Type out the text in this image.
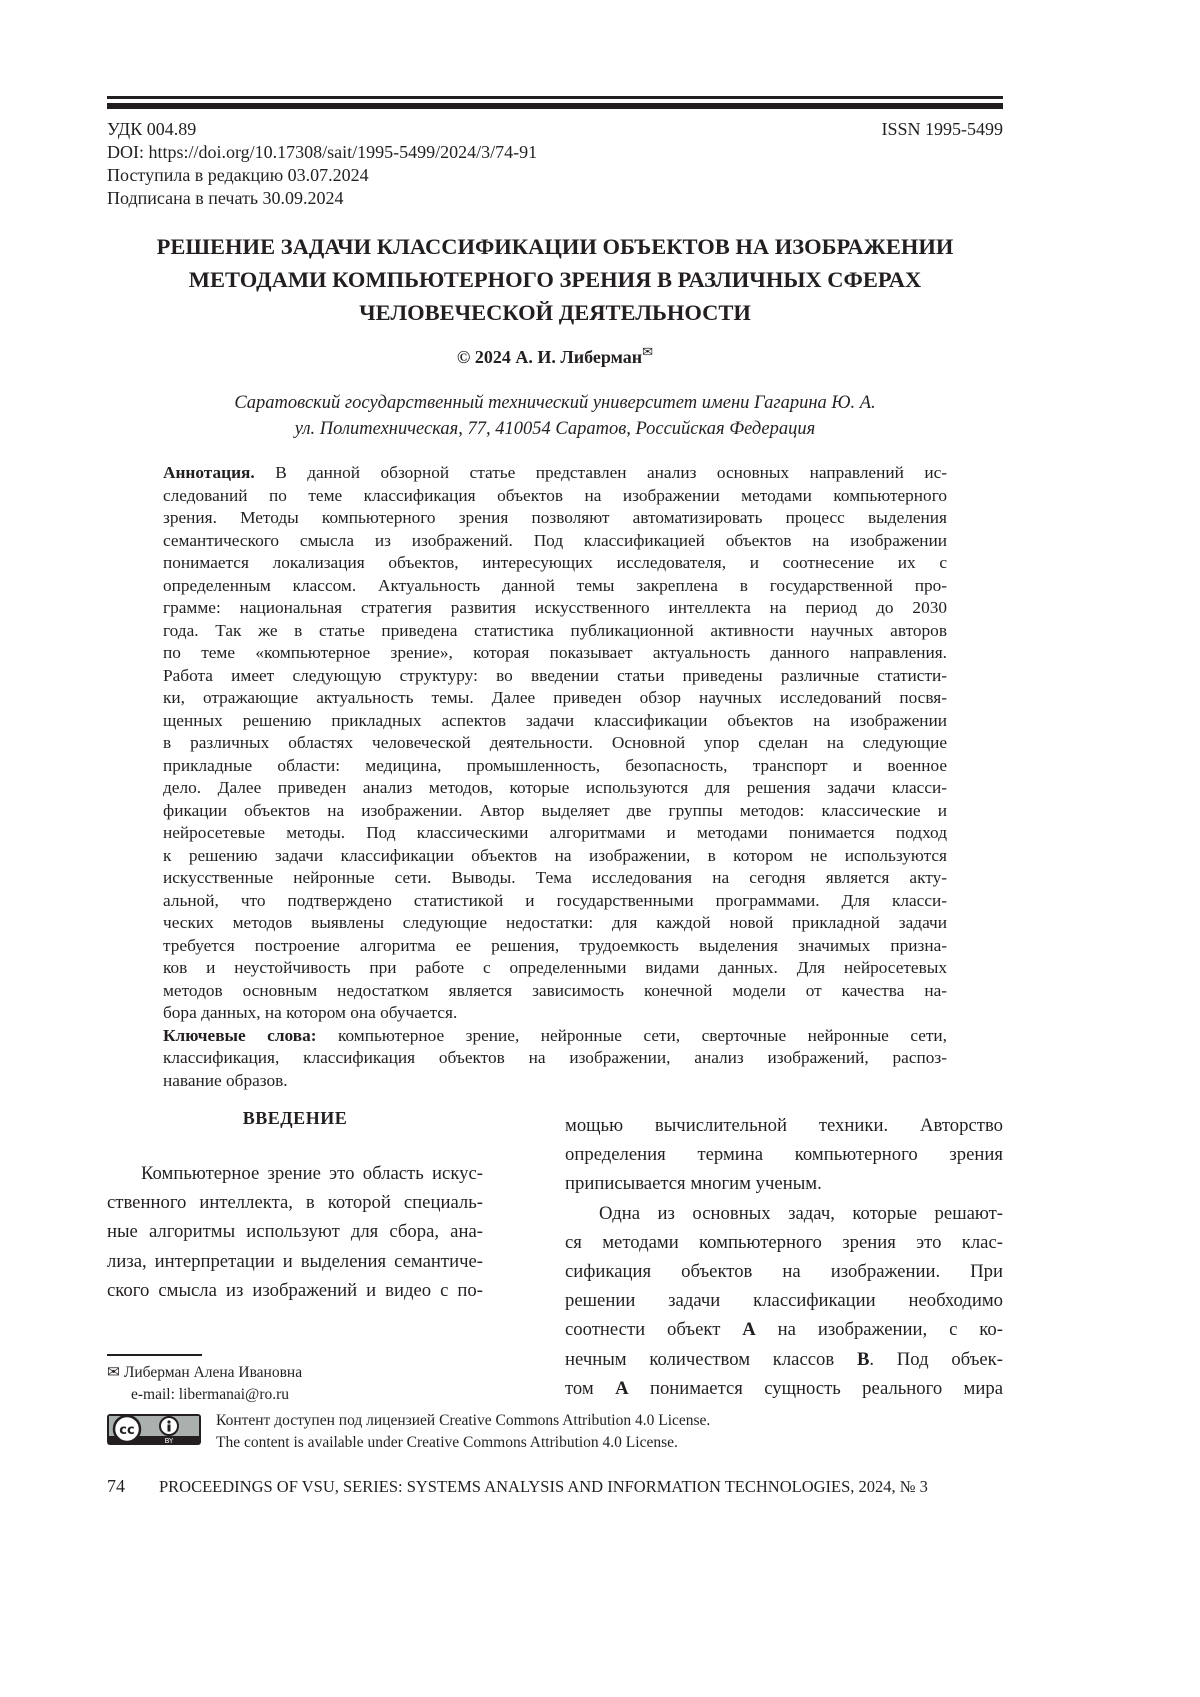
УДК 004.89
DOI: https://doi.org/10.17308/sait/1995-5499/2024/3/74-91
Поступила в редакцию 03.07.2024
Подписана в печать 30.09.2024
ISSN 1995-5499
РЕШЕНИЕ ЗАДАЧИ КЛАССИФИКАЦИИ ОБЪЕКТОВ НА ИЗОБРАЖЕНИИ
МЕТОДАМИ КОМПЬЮТЕРНОГО ЗРЕНИЯ В РАЗЛИЧНЫХ СФЕРАХ
ЧЕЛОВЕЧЕСКОЙ ДЕЯТЕЛЬНОСТИ
© 2024 А. И. Либерман✉
Саратовский государственный технический университет имени Гагарина Ю. А.
ул. Политехническая, 77, 410054 Саратов, Российская Федерация
Аннотация. В данной обзорной статье представлен анализ основных направлений ис-
следований по теме классификация объектов на изображении методами компьютерного
зрения. Методы компьютерного зрения позволяют автоматизировать процесс выделения
семантического смысла из изображений. Под классификацией объектов на изображении
понимается локализация объектов, интересующих исследователя, и соотнесение их с
определенным классом. Актуальность данной темы закреплена в государственной про-
грамме: национальная стратегия развития искусственного интеллекта на период до 2030
года. Так же в статье приведена статистика публикационной активности научных авторов
по теме «компьютерное зрение», которая показывает актуальность данного направления.
Работа имеет следующую структуру: во введении статьи приведены различные статисти-
ки, отражающие актуальность темы. Далее приведен обзор научных исследований посвя-
щенных решению прикладных аспектов задачи классификации объектов на изображении
в различных областях человеческой деятельности. Основной упор сделан на следующие
прикладные области: медицина, промышленность, безопасность, транспорт и военное
дело. Далее приведен анализ методов, которые используются для решения задачи класси-
фикации объектов на изображении. Автор выделяет две группы методов: классические и
нейросетевые методы. Под классическими алгоритмами и методами понимается подход
к решению задачи классификации объектов на изображении, в котором не используются
искусственные нейронные сети. Выводы. Тема исследования на сегодня является акту-
альной, что подтверждено статистикой и государственными программами. Для класси-
ческих методов выявлены следующие недостатки: для каждой новой прикладной задачи
требуется построение алгоритма ее решения, трудоемкость выделения значимых призна-
ков и неустойчивость при работе с определенными видами данных. Для нейросетевых
методов основным недостатком является зависимость конечной модели от качества на-
бора данных, на котором она обучается.
Ключевые слова: компьютерное зрение, нейронные сети, сверточные нейронные сети,
классификация, классификация объектов на изображении, анализ изображений, распоз-
навание образов.
ВВЕДЕНИЕ
Компьютерное зрение это область искус-
ственного интеллекта, в которой специаль-
ные алгоритмы используют для сбора, ана-
лиза, интерпретации и выделения семантиче-
ского смысла из изображений и видео с по-
мощью вычислительной техники. Авторство
определения термина компьютерного зрения
приписывается многим ученым.
Одна из основных задач, которые решают-
ся методами компьютерного зрения это клас-
сификация объектов на изображении. При
решении задачи классификации необходимо
соотнести объект A на изображении, с ко-
нечным количеством классов B. Под объек-
том A понимается сущность реального мира
✉ Либерман Алена Ивановна
e-mail: libermanai@ro.ru
cc
BY
Контент доступен под лицензией Creative Commons Attribution 4.0 License.
The content is available under Creative Commons Attribution 4.0 License.
74 PROCEEDINGS OF VSU, SERIES: SYSTEMS ANALYSIS AND INFORMATION TECHNOLOGIES, 2024, № 3
